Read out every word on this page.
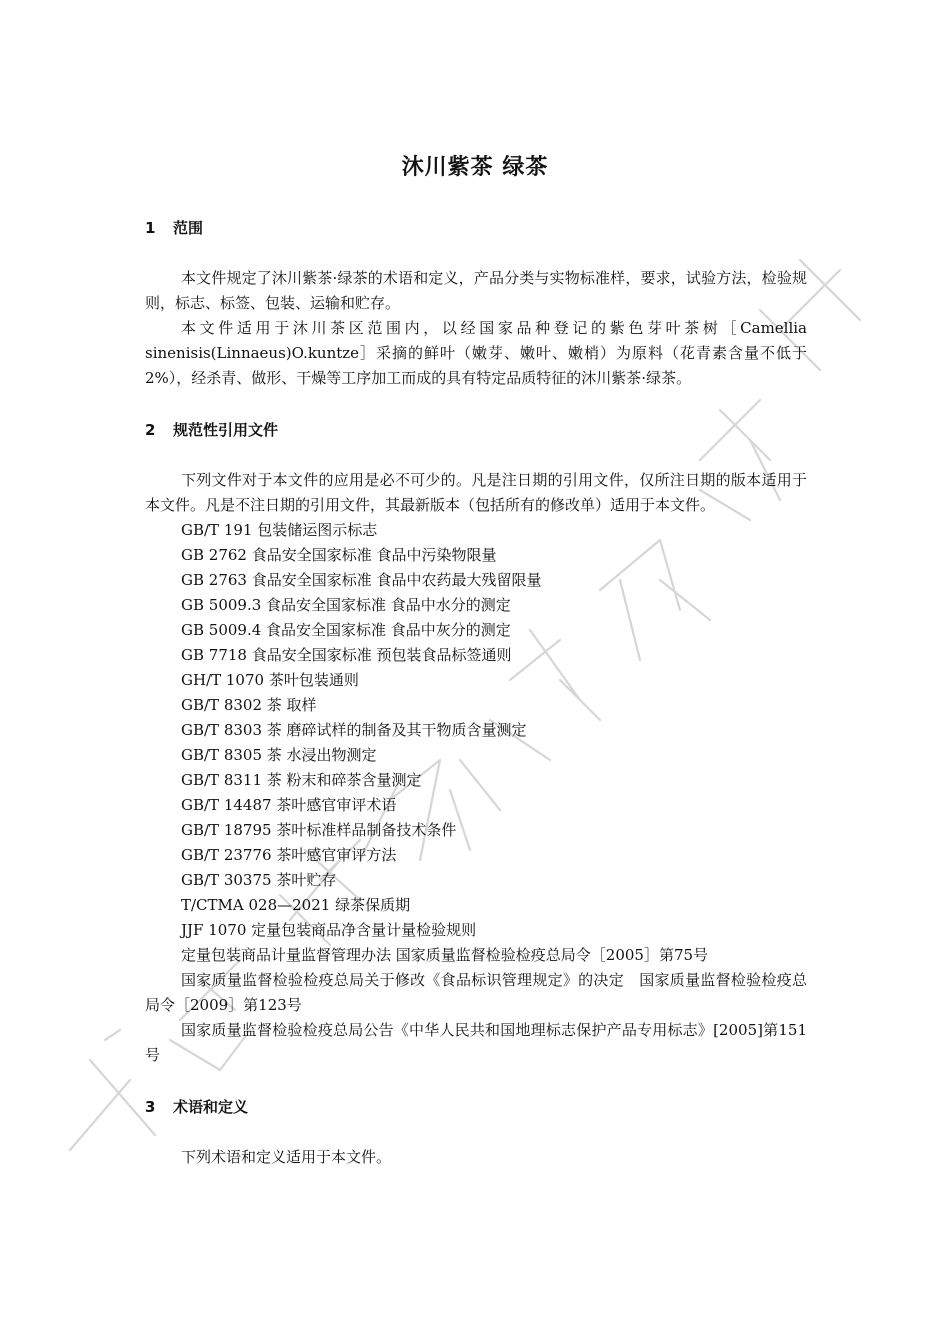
沐川紫茶 绿茶
1 范围

本文件规定了沐川紫茶·绿茶的术语和定义，产品分类与实物标准样，要求，试验方法，检验规则，标志、标签、包装、运输和贮存。

本文件适用于沐川茶区范围内，以经国家品种登记的紫色芽叶茶树［Camellia sinenisis(Linnaeus)O.kuntze］采摘的鲜叶（嫩芽、嫩叶、嫩梢）为原料（花青素含量不低于2%），经杀青、做形、干燥等工序加工而成的具有特定品质特征的沐川紫茶·绿茶。

2 规范性引用文件

下列文件对于本文件的应用是必不可少的。凡是注日期的引用文件，仅所注日期的版本适用于本文件。凡是不注日期的引用文件，其最新版本（包括所有的修改单）适用于本文件。

GB/T 191 包装储运图示标志

GB 2762 食品安全国家标准 食品中污染物限量

GB 2763 食品安全国家标准 食品中农药最大残留限量

GB 5009.3 食品安全国家标准 食品中水分的测定

GB 5009.4 食品安全国家标准 食品中灰分的测定

GB 7718 食品安全国家标准 预包装食品标签通则

GH/T 1070 茶叶包装通则

GB/T 8302 茶 取样

GB/T 8303 茶 磨碎试样的制备及其干物质含量测定

GB/T 8305 茶 水浸出物测定

GB/T 8311 茶 粉末和碎茶含量测定

GB/T 14487 茶叶感官审评术语

GB/T 18795 茶叶标准样品制备技术条件

GB/T 23776 茶叶感官审评方法

GB/T 30375 茶叶贮存

T/CTMA 028—2021 绿茶保质期

JJF 1070 定量包装商品净含量计量检验规则

定量包装商品计量监督管理办法 国家质量监督检验检疫总局令［2005］第75号

国家质量监督检验检疫总局关于修改《食品标识管理规定》的决定　国家质量监督检验检疫总局令［2009］第123号

国家质量监督检验检疫总局公告《中华人民共和国地理标志保护产品专用标志》[2005]第151号

3 术语和定义

下列术语和定义适用于本文件。
